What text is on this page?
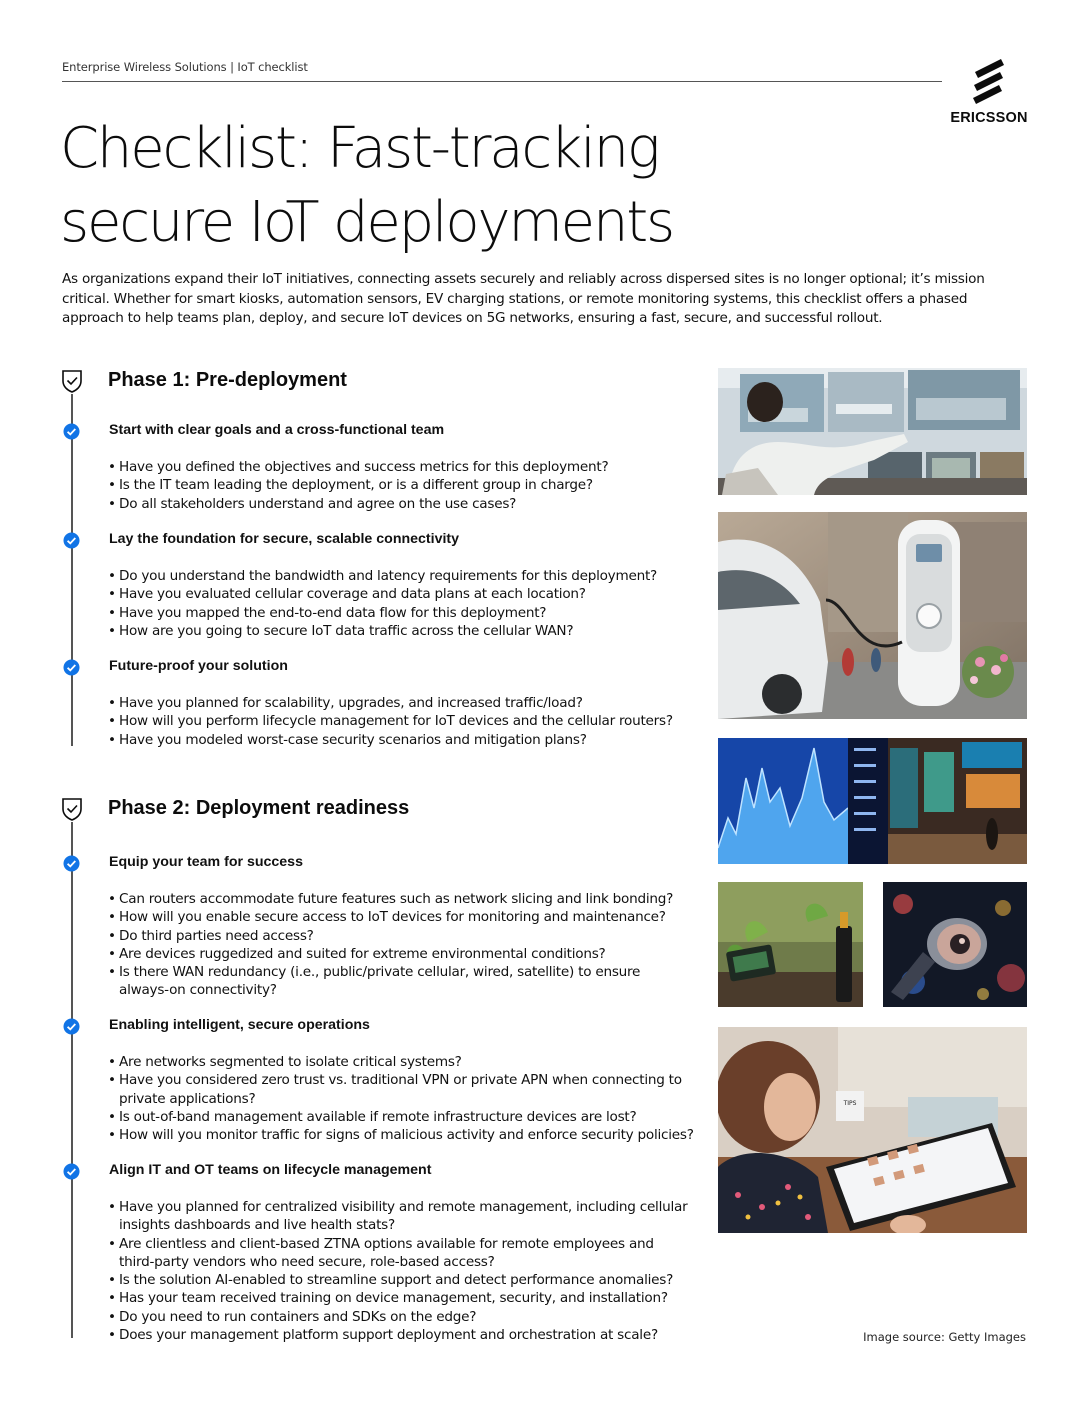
Enterprise Wireless Solutions | IoT checklist
ERICSSON
Checklist: Fast-tracking
secure IoT deployments

As organizations expand their IoT initiatives, connecting assets securely and reliably across dispersed sites is no longer optional; it’s mission critical. Whether for smart kiosks, automation sensors, EV charging stations, or remote monitoring systems, this checklist offers a phased approach to help teams plan, deploy, and secure IoT devices on 5G networks, ensuring a fast, secure, and successful rollout.

Phase 1: Pre-deployment
Start with clear goals and a cross-functional team
• Have you defined the objectives and success metrics for this deployment?
• Is the IT team leading the deployment, or is a different group in charge?
• Do all stakeholders understand and agree on the use cases?
Lay the foundation for secure, scalable connectivity
• Do you understand the bandwidth and latency requirements for this deployment?
• Have you evaluated cellular coverage and data plans at each location?
• Have you mapped the end-to-end data flow for this deployment?
• How are you going to secure IoT data traffic across the cellular WAN?
Future-proof your solution
• Have you planned for scalability, upgrades, and increased traffic/load?
• How will you perform lifecycle management for IoT devices and the cellular routers?
• Have you modeled worst-case security scenarios and mitigation plans?
Phase 2: Deployment readiness
Equip your team for success
• Can routers accommodate future features such as network slicing and link bonding?
• How will you enable secure access to IoT devices for monitoring and maintenance?
• Do third parties need access?
• Are devices ruggedized and suited for extreme environmental conditions?
• Is there WAN redundancy (i.e., public/private cellular, wired, satellite) to ensure always-on connectivity?
Enabling intelligent, secure operations
• Are networks segmented to isolate critical systems?
• Have you considered zero trust vs. traditional VPN or private APN when connecting to private applications?
• Is out-of-band management available if remote infrastructure devices are lost?
• How will you monitor traffic for signs of malicious activity and enforce security policies?
Align IT and OT teams on lifecycle management
• Have you planned for centralized visibility and remote management, including cellular insights dashboards and live health stats?
• Are clientless and client-based ZTNA options available for remote employees and third-party vendors who need secure, role-based access?
• Is the solution AI-enabled to streamline support and detect performance anomalies?
• Has your team received training on device management, security, and installation?
• Do you need to run containers and SDKs on the edge?
• Does your management platform support deployment and orchestration at scale?
TIPS
Image source: Getty Images
